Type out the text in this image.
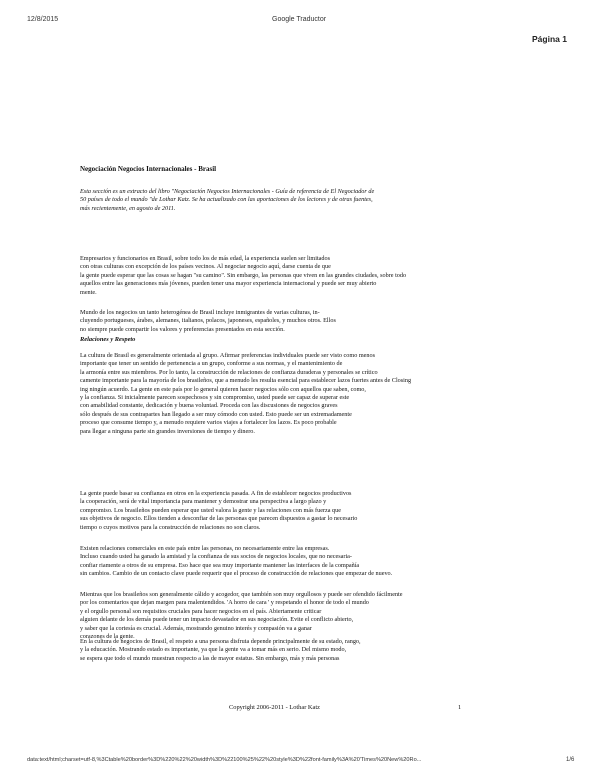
12/8/2015	Google Traductor
Página 1
Negociación Negocios Internacionales - Brasil
Esta sección es un extracto del libro "Negociación Negocios Internacionales - Guía de referencia de El Negociador de
50 países de todo el mundo "de Lothar Katz. Se ha actualizado con las aportaciones de los lectores y de otras fuentes,
más recientemente, en agosto de 2011.
Empresarios y funcionarios en Brasil, sobre todo los de más edad, la experiencia suelen ser limitados
con otras culturas con excepción de los países vecinos. Al negociar negocio aquí, darse cuenta de que
la gente puede esperar que las cosas se hagan "su camino". Sin embargo, las personas que viven en las grandes ciudades, sobre todo
aquellos entre las generaciones más jóvenes, pueden tener una mayor experiencia internacional y puede ser muy abierto
mente.
Mundo de los negocios un tanto heterogénea de Brasil incluye inmigrantes de varias culturas, in-
cluyendo portugueses, árabes, alemanes, italianos, polacos, japoneses, españoles, y muchos otros. Ellos
no siempre puede compartir los valores y preferencias presentados en esta sección.
Relaciones y Respeto
La cultura de Brasil es generalmente orientada al grupo. Afirmar preferencias individuales puede ser visto como menos
importante que tener un sentido de pertenencia a un grupo, conforme a sus normas, y el mantenimiento de
la armonía entre sus miembros. Por lo tanto, la construcción de relaciones de confianza duraderas y personales se crítico
camente importante para la mayoría de los brasileños, que a menudo les resulta esencial para establecer lazos fuertes antes de Closing
ing ningún acuerdo. La gente en este país por lo general quieren hacer negocios sólo con aquellos que saben, como,
y la confianza. Si inicialmente parecen sospechosos y sin compromiso, usted puede ser capaz de superar este
con amabilidad constante, dedicación y buena voluntad. Proceda con las discusiones de negocios graves
sólo después de sus contrapartes han llegado a ser muy cómodo con usted. Esto puede ser un extremadamente
proceso que consume tiempo y, a menudo requiere varios viajes a fortalecer los lazos. Es poco probable
para llegar a ninguna parte sin grandes inversiones de tiempo y dinero.
La gente puede basar su confianza en otros en la experiencia pasada. A fin de establecer negocios productivos
la cooperación, será de vital importancia para mantener y demostrar una perspectiva a largo plazo y
compromiso. Los brasileños pueden esperar que usted valora la gente y las relaciones con más fuerza que
sus objetivos de negocio. Ellos tienden a desconfiar de las personas que parecen dispuestos a gastar lo necesario
tiempo o cuyos motivos para la construcción de relaciones no son claros.
Existen relaciones comerciales en este país entre las personas, no necesariamente entre las empresas.
Incluso cuando usted ha ganado la amistad y la confianza de sus socios de negocios locales, que no necesaria-
confiar riamente a otros de su empresa. Eso hace que sea muy importante mantener las interfaces de la compañía
sin cambios. Cambio de un contacto clave puede requerir que el proceso de construcción de relaciones que empezar de nuevo.
Mientras que los brasileños son generalmente cálido y acogedor, que también son muy orgullosos y puede ser ofendido fácilmente
por los comentarios que dejan margen para malentendidos. 'A horro de cara ' y respetando el honor de todo el mundo
y el orgullo personal son requisitos cruciales para hacer negocios en el país. Abiertamente criticar
alguien delante de los demás puede tener un impacto devastador en sus negociación. Evite el conflicto abierto,
y saber que la cortesía es crucial. Además, mostrando genuino interés y compasión va a ganar
corazones de la gente.
En la cultura de negocios de Brasil, el respeto a una persona disfruta depende principalmente de su estado, rango,
y la educación. Mostrando estado es importante, ya que la gente va a tomar más en serio. Del mismo modo,
se espera que todo el mundo muestran respecto a las de mayor estatus. Sin embargo, más y más personas
Copyright 2006-2011 - Lothar Katz	1
data:text/html;charset=utf-8,%3Ctable%20border%3D%220%22%20width%3D%22100%25%22%20style%3D%22font-family%3A%20'Times%20New%20Ro...	1/6
